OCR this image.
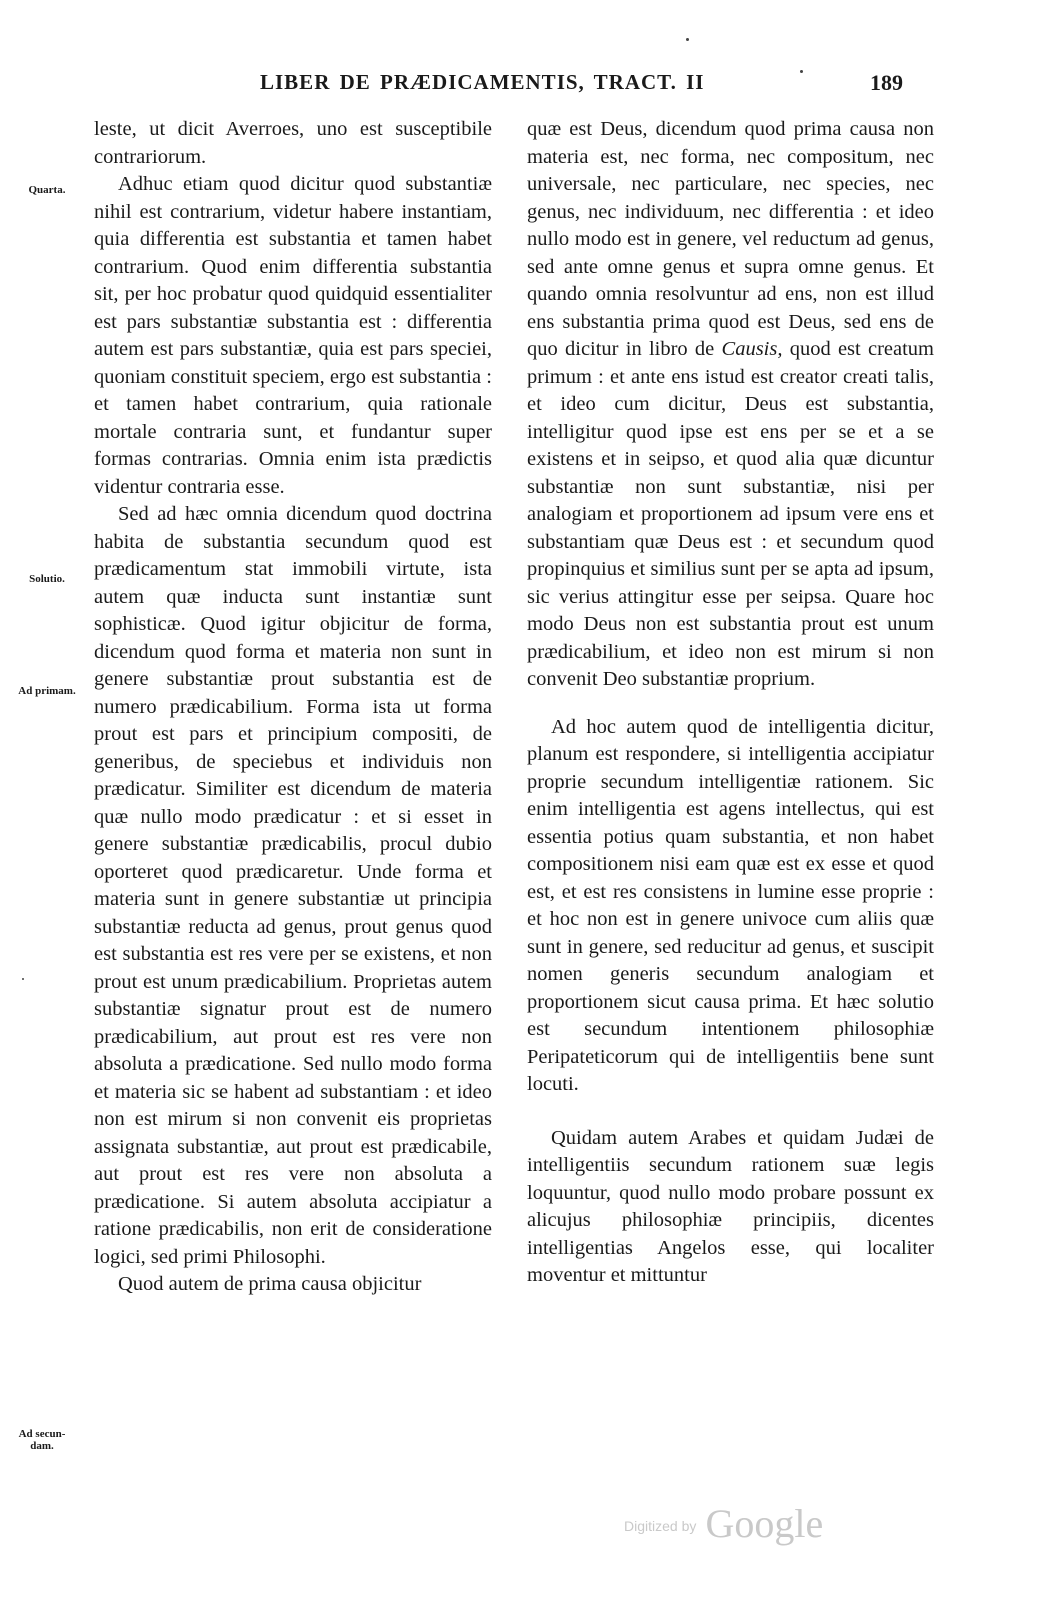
LIBER DE PRÆDICAMENTIS, TRACT. II	189
Quarta.
Solutio.
Ad primam.
Ad secun- dam.

leste, ut dicit Averroes, uno est susceptibile contrariorum.

Adhuc etiam quod dicitur quod substantiæ nihil est contrarium, videtur habere instantiam, quia differentia est substantia et tamen habet contrarium. Quod enim differentia substantia sit, per hoc probatur quod quidquid essentialiter est pars substantiæ substantia est : differentia autem est pars substantiæ, quia est pars speciei, quoniam constituit speciem, ergo est substantia : et tamen habet contrarium, quia rationale mortale contraria sunt, et fundantur super formas contrarias. Omnia enim ista prædictis videntur contraria esse.

Sed ad hæc omnia dicendum quod doctrina habita de substantia secundum quod est prædicamentum stat immobili virtute, ista autem quæ inducta sunt instantiæ sunt sophisticæ. Quod igitur objicitur de forma, dicendum quod forma et materia non sunt in genere substantiæ prout substantia est de numero prædicabilium. Forma ista ut forma prout est pars et principium compositi, de generibus, de speciebus et individuis non prædicatur. Similiter est dicendum de materia quæ nullo modo prædicatur : et si esset in genere substantiæ prædicabilis, procul dubio oporteret quod prædicaretur. Unde forma et materia sunt in genere substantiæ ut principia substantiæ reducta ad genus, prout genus quod est substantia est res vere per se existens, et non prout est unum prædicabilium. Proprietas autem substantiæ signatur prout est de numero prædicabilium, aut prout est res vere non absoluta a prædicatione. Sed nullo modo forma et materia sic se habent ad substantiam : et ideo non est mirum si non convenit eis proprietas assignata substantiæ, aut prout est prædicabile, aut prout est res vere non absoluta a prædicatione. Si autem absoluta accipiatur a ratione prædicabilis, non erit de consideratione logici, sed primi Philosophi.

Quod autem de prima causa objicitur

quæ est Deus, dicendum quod prima causa non materia est, nec forma, nec compositum, nec universale, nec particulare, nec species, nec genus, nec individuum, nec differentia : et ideo nullo modo est in genere, vel reductum ad genus, sed ante omne genus et supra omne genus. Et quando omnia resolvuntur ad ens, non est illud ens substantia prima quod est Deus, sed ens de quo dicitur in libro de Causis, quod est creatum primum : et ante ens istud est creator creati talis, et ideo cum dicitur, Deus est substantia, intelligitur quod ipse est ens per se et a se existens et in seipso, et quod alia quæ dicuntur substantiæ non sunt substantiæ, nisi per analogiam et proportionem ad ipsum vere ens et substantiam quæ Deus est : et secundum quod propinquius et similius sunt per se apta ad ipsum, sic verius attingitur esse per seipsa. Quare hoc modo Deus non est substantia prout est unum prædicabilium, et ideo non est mirum si non convenit Deo substantiæ proprium.

Ad hoc autem quod de intelligentia dicitur, planum est respondere, si intelligentia accipiatur proprie secundum intelligentiæ rationem. Sic enim intelligentia est agens intellectus, qui est essentia potius quam substantia, et non habet compositionem nisi eam quæ est ex esse et quod est, et est res consistens in lumine esse proprie : et hoc non est in genere univoce cum aliis quæ sunt in genere, sed reducitur ad genus, et suscipit nomen generis secundum analogiam et proportionem sicut causa prima. Et hæc solutio est secundum intentionem philosophiæ Peripateticorum qui de intelligentiis bene sunt locuti.

Quidam autem Arabes et quidam Judæi de intelligentiis secundum rationem suæ legis loquuntur, quod nullo modo probare possunt ex alicujus philosophiæ principiis, dicentes intelligentias Angelos esse, qui localiter moventur et mittuntur

Digitized by Google
